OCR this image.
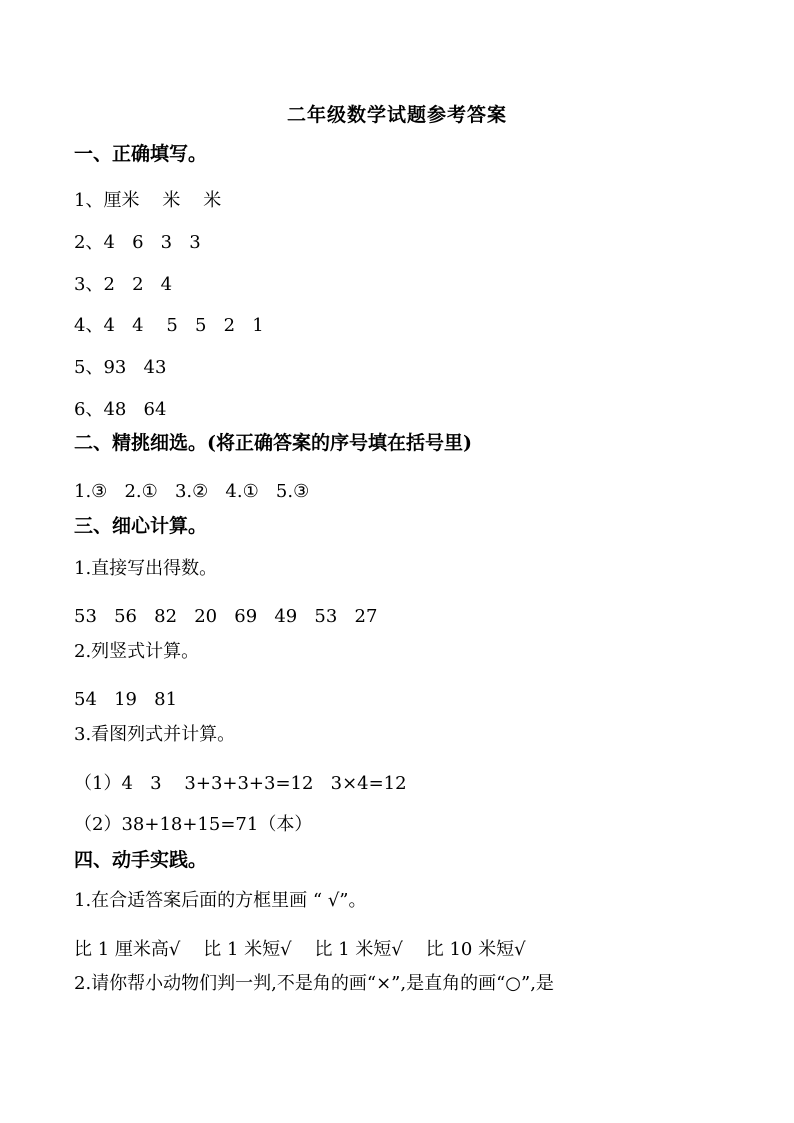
二年级数学试题参考答案
一、正确填写。
1、厘米    米    米
2、4   6   3   3
3、2   2   4
4、4   4    5   5   2   1
5、93   43
6、48   64
二、精挑细选。(将正确答案的序号填在括号里)
1.③   2.①   3.②   4.①   5.③
三、细心计算。
1.直接写出得数。
53   56   82   20   69   49   53   27
2.列竖式计算。
54   19   81
3.看图列式并计算。
（1）4   3    3+3+3+3=12   3×4=12
（2）38+18+15=71（本）
四、动手实践。
1.在合适答案后面的方框里画 “ √”。
比 1 厘米高√    比 1 米短√    比 1 米短√    比 10 米短√
2.请你帮小动物们判一判,不是角的画“×”,是直角的画“○”,是
